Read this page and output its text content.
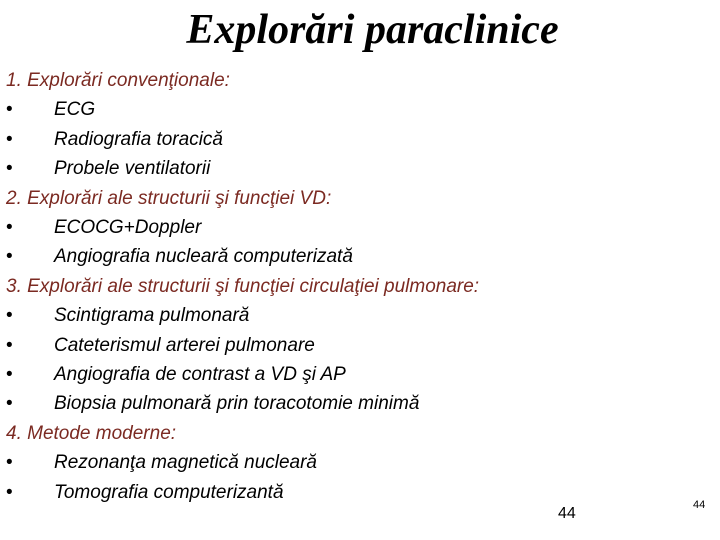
Explorări paraclinice
1. Explorări convenţionale:
•	ECG
•	Radiografia toracică
•	Probele ventilatorii
2. Explorări ale structurii şi funcţiei VD:
•	ECOCG+Doppler
•	Angiografia nucleară computerizată
3. Explorări ale structurii şi funcţiei circulaţiei pulmonare:
•	Scintigrama pulmonară
•	Cateterismul arterei pulmonare
•	Angiografia de contrast a VD şi AP
•	Biopsia pulmonară prin toracotomie minimă
4. Metode moderne:
•	Rezonanţa magnetică nucleară
•	Tomografia computerizantă
44	44
